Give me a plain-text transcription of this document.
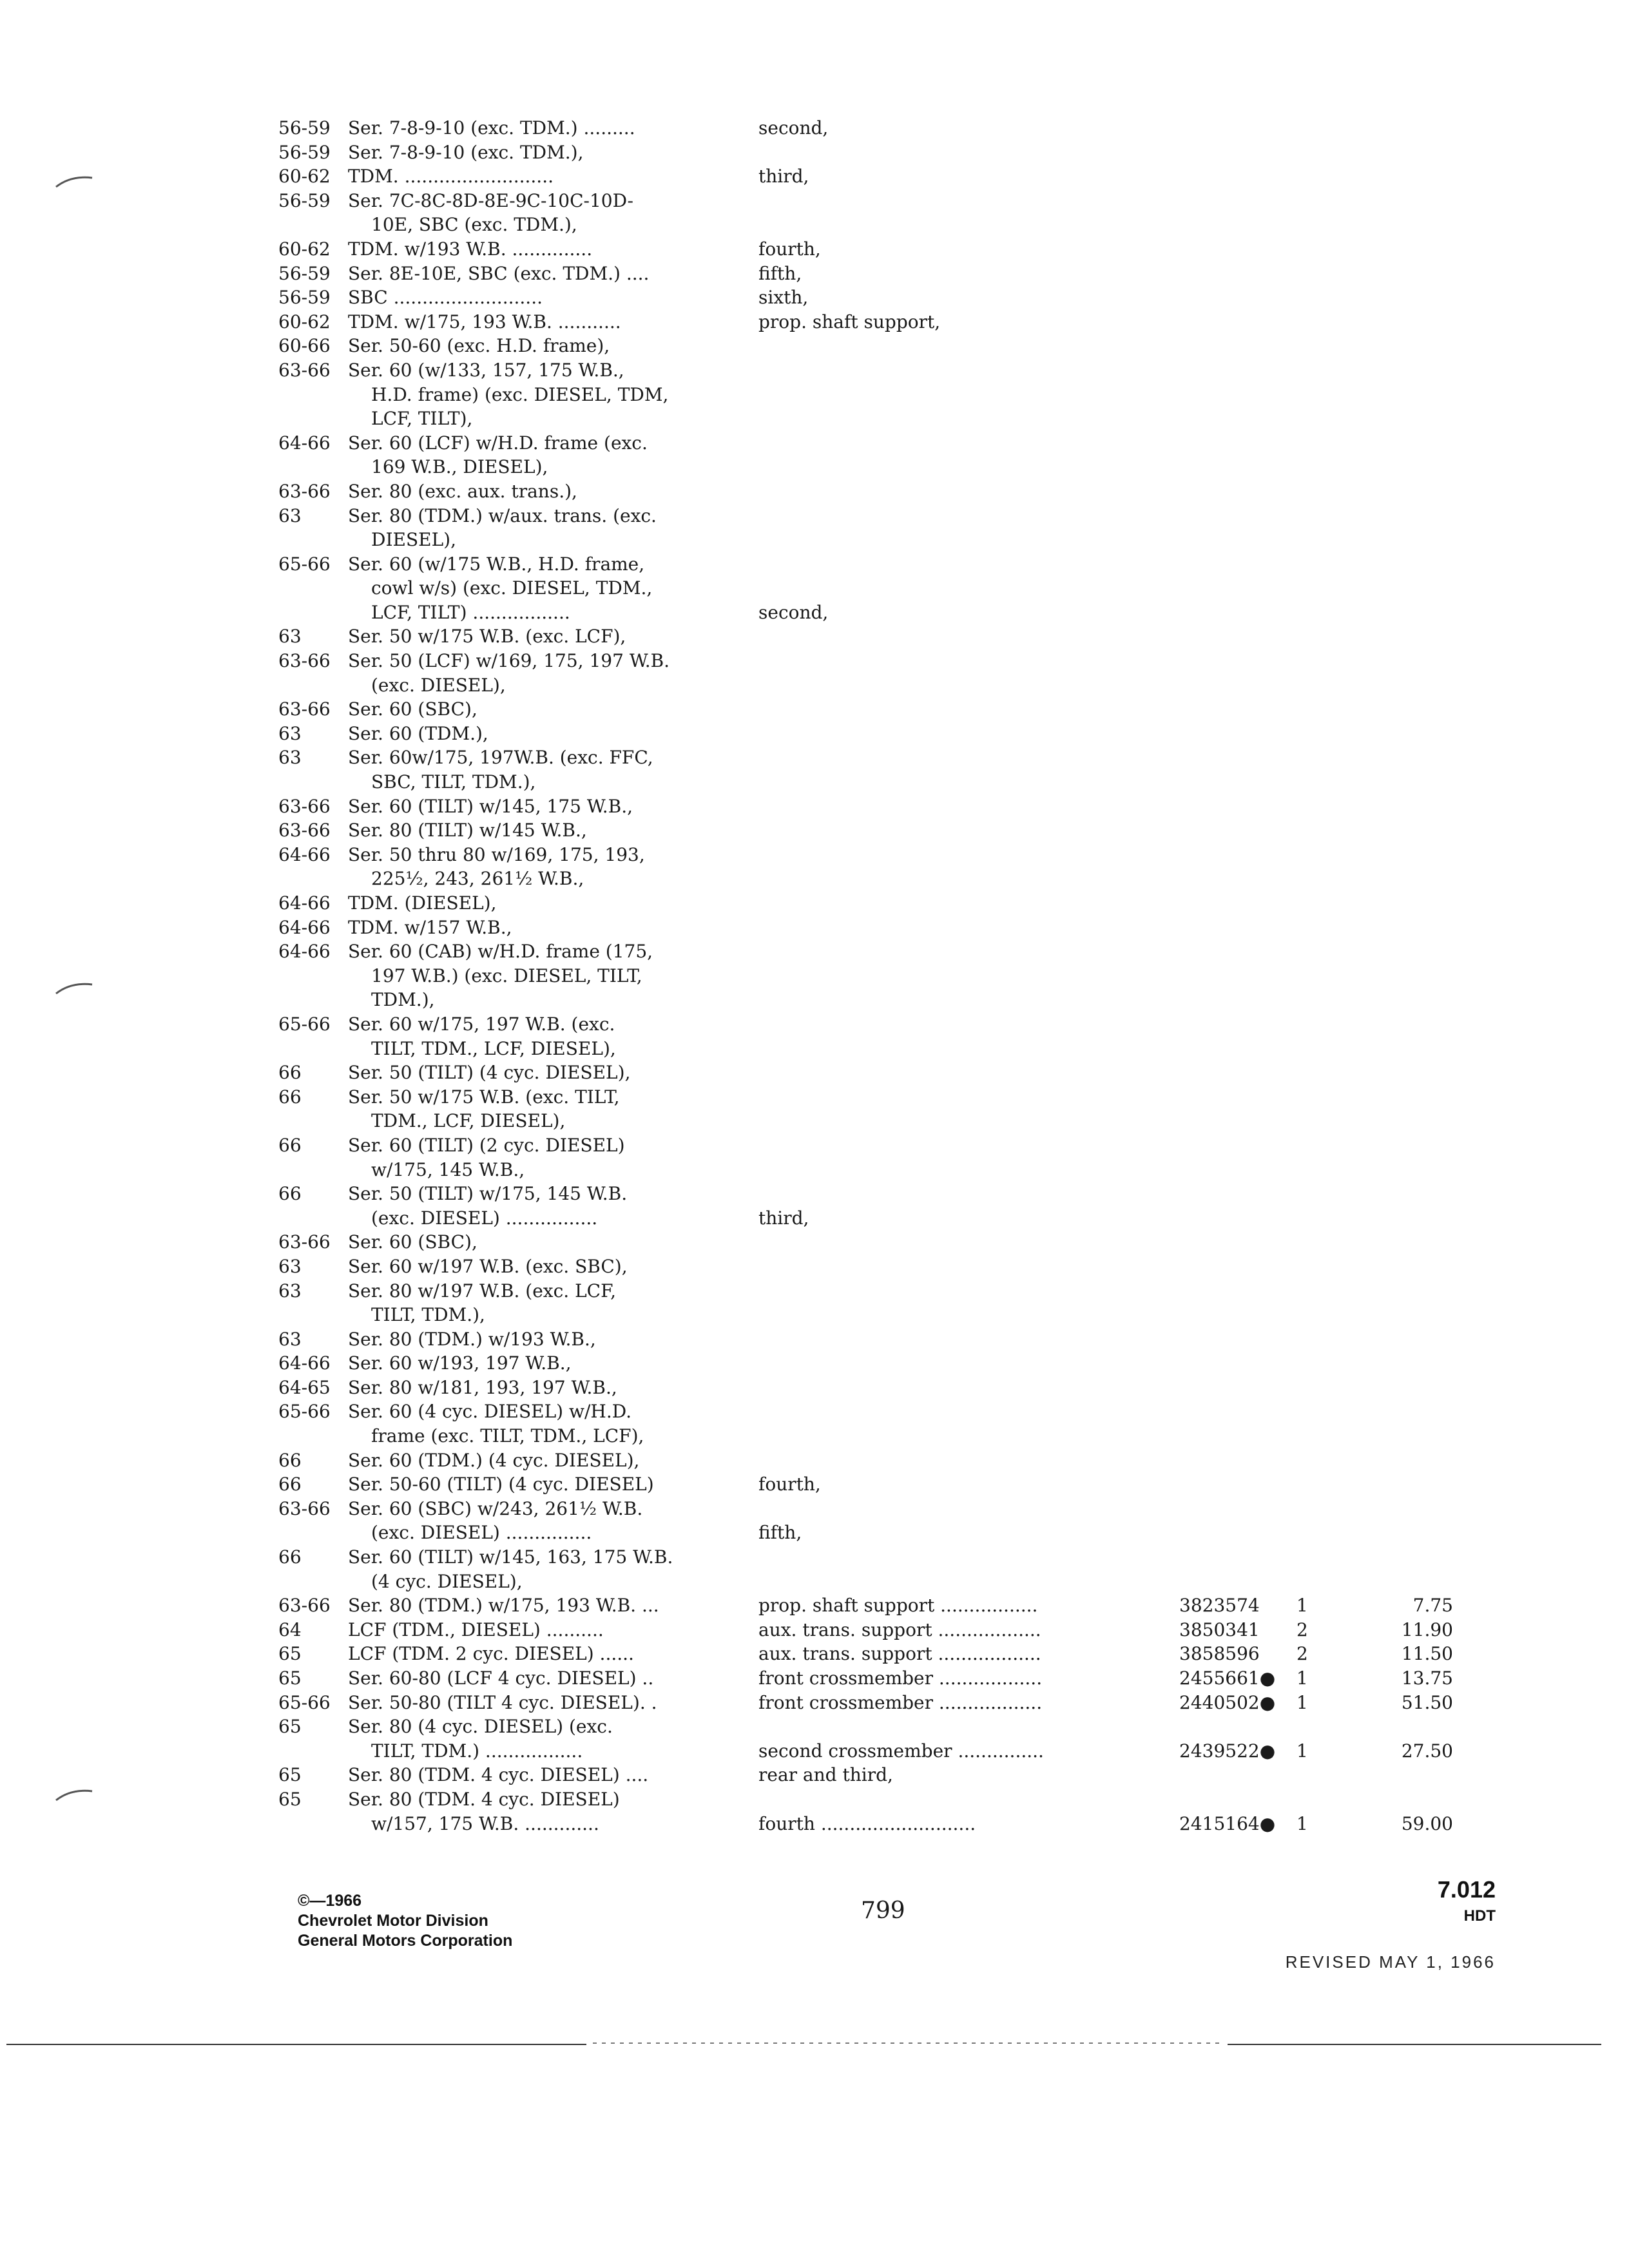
56-59 Ser. 7-8-9-10 (exc. TDM.) .........	second,
56-59 Ser. 7-8-9-10 (exc. TDM.),
60-62 TDM. ..........................	third,
56-59 Ser. 7C-8C-8D-8E-9C-10C-10D-
10E, SBC (exc. TDM.),
60-62 TDM. w/193 W.B. ..............	fourth,
56-59 Ser. 8E-10E, SBC (exc. TDM.) ....	fifth,
56-59 SBC ..........................	sixth,
60-62 TDM. w/175, 193 W.B. ...........	prop. shaft support,
60-66 Ser. 50-60 (exc. H.D. frame),
63-66 Ser. 60 (w/133, 157, 175 W.B.,
H.D. frame) (exc. DIESEL, TDM,
LCF, TILT),
64-66 Ser. 60 (LCF) w/H.D. frame (exc.
169 W.B., DIESEL),
63-66 Ser. 80 (exc. aux. trans.),
63	Ser. 80 (TDM.) w/aux. trans. (exc.
DIESEL),
65-66 Ser. 60 (w/175 W.B., H.D. frame,
cowl w/s) (exc. DIESEL, TDM.,
LCF, TILT) .................	second,
63	Ser. 50 w/175 W.B. (exc. LCF),
63-66 Ser. 50 (LCF) w/169, 175, 197 W.B.
(exc. DIESEL),
63-66 Ser. 60 (SBC),
63	Ser. 60 (TDM.),
63	Ser. 60w/175, 197W.B. (exc. FFC,
SBC, TILT, TDM.),
63-66 Ser. 60 (TILT) w/145, 175 W.B.,
63-66 Ser. 80 (TILT) w/145 W.B.,
64-66 Ser. 50 thru 80 w/169, 175, 193,
225½, 243, 261½ W.B.,
64-66 TDM. (DIESEL),
64-66 TDM. w/157 W.B.,
64-66 Ser. 60 (CAB) w/H.D. frame (175,
197 W.B.) (exc. DIESEL, TILT,
TDM.),
65-66 Ser. 60 w/175, 197 W.B. (exc.
TILT, TDM., LCF, DIESEL),
66	Ser. 50 (TILT) (4 cyc. DIESEL),
66	Ser. 50 w/175 W.B. (exc. TILT,
TDM., LCF, DIESEL),
66	Ser. 60 (TILT) (2 cyc. DIESEL)
w/175, 145 W.B.,
66	Ser. 50 (TILT) w/175, 145 W.B.
(exc. DIESEL) ................	third,
63-66 Ser. 60 (SBC),
63	Ser. 60 w/197 W.B. (exc. SBC),
63	Ser. 80 w/197 W.B. (exc. LCF,
TILT, TDM.),
63	Ser. 80 (TDM.) w/193 W.B.,
64-66 Ser. 60 w/193, 197 W.B.,
64-65 Ser. 80 w/181, 193, 197 W.B.,
65-66 Ser. 60 (4 cyc. DIESEL) w/H.D.
frame (exc. TILT, TDM., LCF),
66	Ser. 60 (TDM.) (4 cyc. DIESEL),
66	Ser. 50-60 (TILT) (4 cyc. DIESEL)	fourth,
63-66 Ser. 60 (SBC) w/243, 261½ W.B.
(exc. DIESEL) ...............	fifth,
66	Ser. 60 (TILT) w/145, 163, 175 W.B.
(4 cyc. DIESEL),
63-66 Ser. 80 (TDM.) w/175, 193 W.B. ...	prop. shaft support .................	3823574 1	7.75
64	LCF (TDM., DIESEL) ..........	aux. trans. support ..................	3850341 2	11.90
65	LCF (TDM. 2 cyc. DIESEL) ......	aux. trans. support ..................	3858596 2	11.50
65	Ser. 60-80 (LCF 4 cyc. DIESEL) ..	front crossmember ..................	2455661● 1	13.75
65-66 Ser. 50-80 (TILT 4 cyc. DIESEL). .	front crossmember ..................	2440502● 1	51.50
65	Ser. 80 (4 cyc. DIESEL) (exc.
TILT, TDM.) .................	second crossmember ...............	2439522● 1	27.50
65	Ser. 80 (TDM. 4 cyc. DIESEL) ....	rear and third,
65	Ser. 80 (TDM. 4 cyc. DIESEL)
w/157, 175 W.B. .............	fourth ...........................	2415164● 1	59.00
©—1966
Chevrolet Motor Division
General Motors Corporation
799
7.012
HDT
REVISED MAY 1, 1966
